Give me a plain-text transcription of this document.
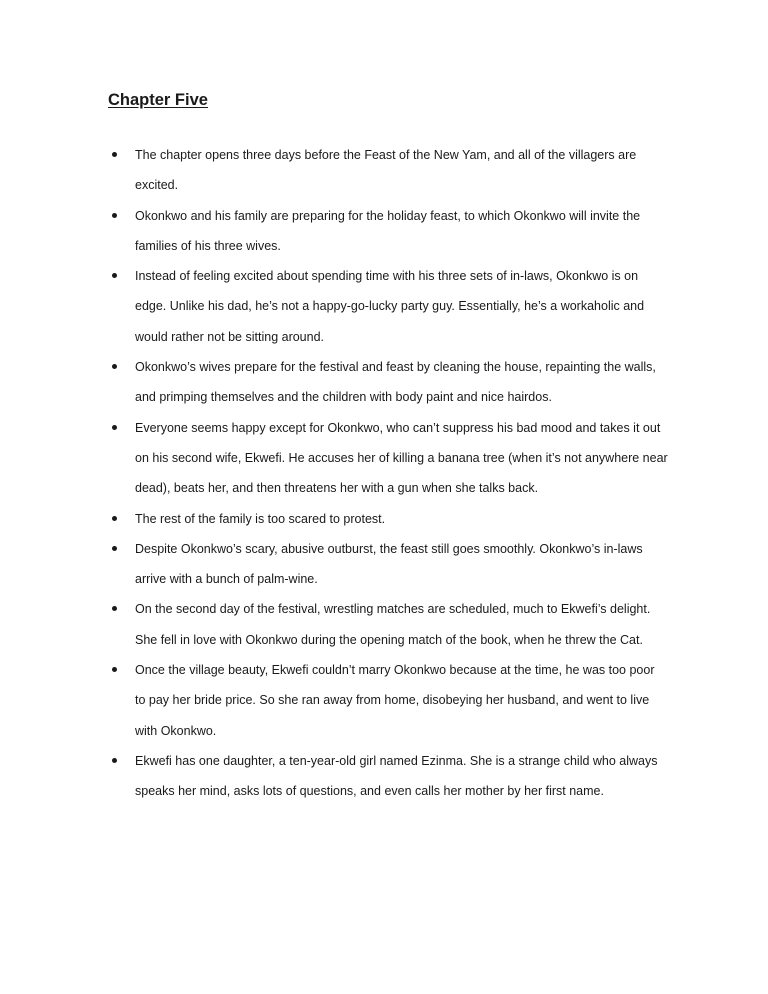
Chapter Five
The chapter opens three days before the Feast of the New Yam, and all of the villagers are excited.
Okonkwo and his family are preparing for the holiday feast, to which Okonkwo will invite the families of his three wives.
Instead of feeling excited about spending time with his three sets of in-laws, Okonkwo is on edge. Unlike his dad, he’s not a happy-go-lucky party guy. Essentially, he’s a workaholic and would rather not be sitting around.
Okonkwo’s wives prepare for the festival and feast by cleaning the house, repainting the walls, and primping themselves and the children with body paint and nice hairdos.
Everyone seems happy except for Okonkwo, who can’t suppress his bad mood and takes it out on his second wife, Ekwefi. He accuses her of killing a banana tree (when it’s not anywhere near dead), beats her, and then threatens her with a gun when she talks back.
The rest of the family is too scared to protest.
Despite Okonkwo’s scary, abusive outburst, the feast still goes smoothly. Okonkwo’s in-laws arrive with a bunch of palm-wine.
On the second day of the festival, wrestling matches are scheduled, much to Ekwefi’s delight. She fell in love with Okonkwo during the opening match of the book, when he threw the Cat.
Once the village beauty, Ekwefi couldn’t marry Okonkwo because at the time, he was too poor to pay her bride price. So she ran away from home, disobeying her husband, and went to live with Okonkwo.
Ekwefi has one daughter, a ten-year-old girl named Ezinma. She is a strange child who always speaks her mind, asks lots of questions, and even calls her mother by her first name.
